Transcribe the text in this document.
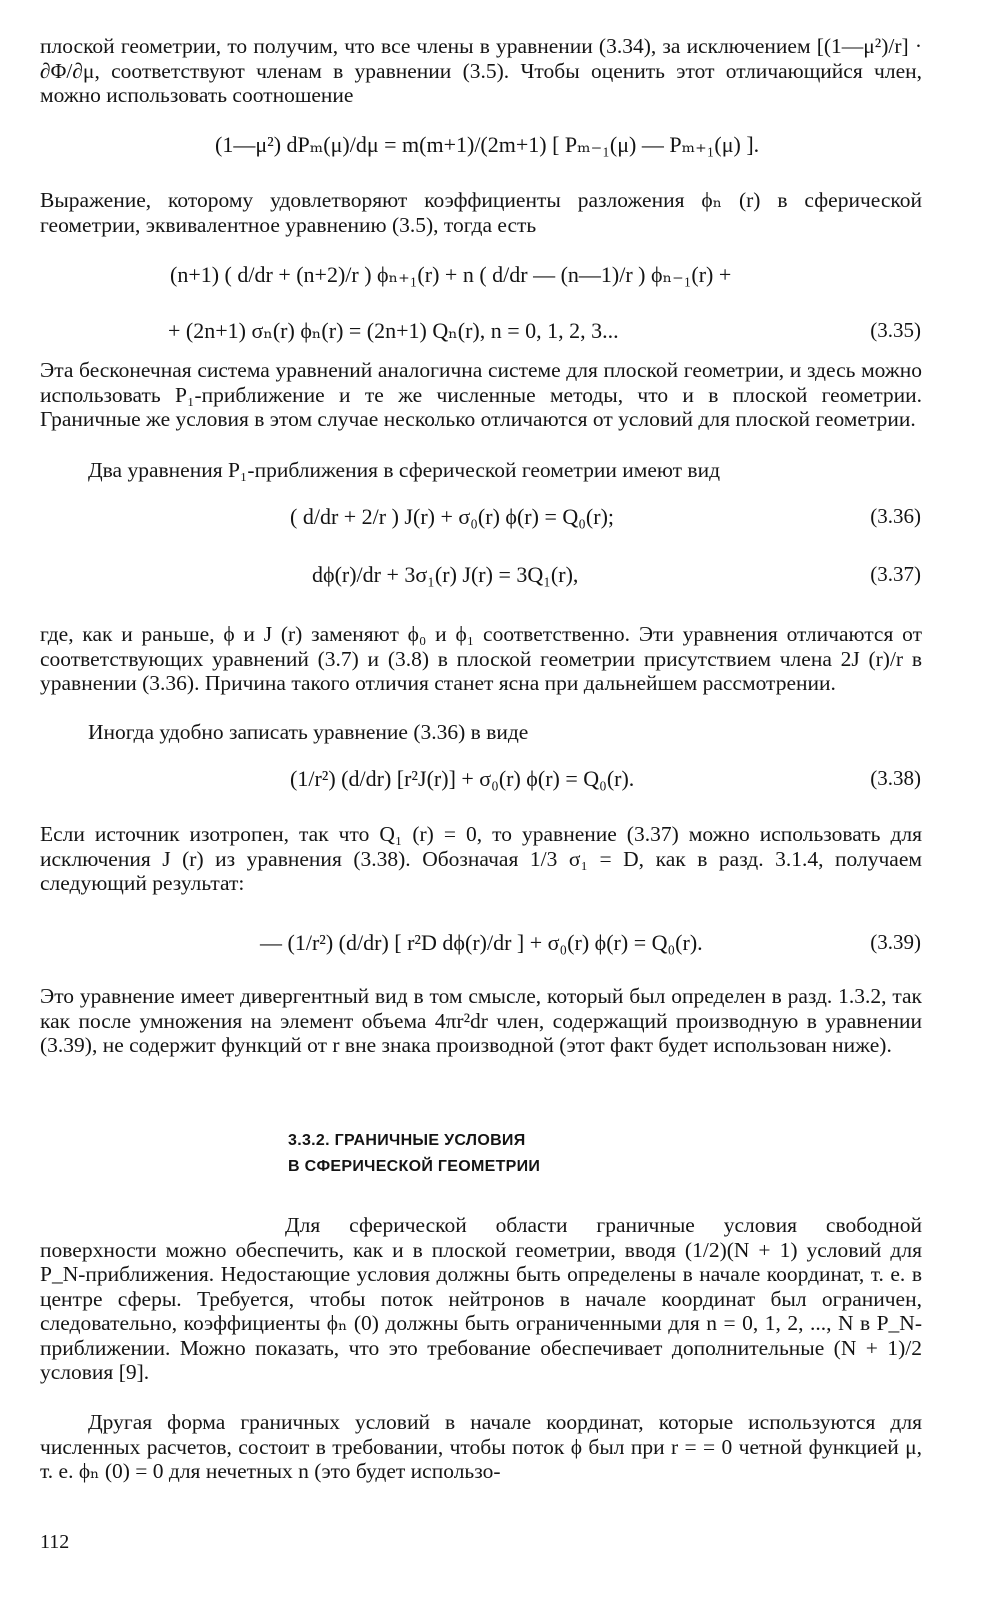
плоской геометрии, то получим, что все члены в уравнении (3.34), за исключением [(1—μ²)/r] · ∂Φ/∂μ, соответствуют членам в уравнении (3.5). Чтобы оценить этот отличающийся член, можно использовать соотношение

(1—μ²) dPₘ(μ)/dμ = m(m+1)/(2m+1) [ Pₘ₋₁(μ) — Pₘ₊₁(μ) ].

Выражение, которому удовлетворяют коэффициенты разложения ϕₙ (r) в сферической геометрии, эквивалентное уравнению (3.5), тогда есть

(n+1) ( d/dr + (n+2)/r ) ϕₙ₊₁(r) + n ( d/dr — (n—1)/r ) ϕₙ₋₁(r) +
+ (2n+1) σₙ(r) ϕₙ(r) = (2n+1) Qₙ(r), n = 0, 1, 2, 3...	(3.35)

Эта бесконечная система уравнений аналогична системе для плоской геометрии, и здесь можно использовать P₁-приближение и те же численные методы, что и в плоской геометрии. Граничные же условия в этом случае несколько отличаются от условий для плоской геометрии.

Два уравнения P₁-приближения в сферической геометрии имеют вид

( d/dr + 2/r ) J(r) + σ₀(r) ϕ(r) = Q₀(r);	(3.36)
dϕ(r)/dr + 3σ₁(r) J(r) = 3Q₁(r),	(3.37)

где, как и раньше, ϕ и J (r) заменяют ϕ₀ и ϕ₁ соответственно. Эти уравнения отличаются от соответствующих уравнений (3.7) и (3.8) в плоской геометрии присутствием члена 2J (r)/r в уравнении (3.36). Причина такого отличия станет ясна при дальнейшем рассмотрении.

Иногда удобно записать уравнение (3.36) в виде

(1/r²) (d/dr) [r²J(r)] + σ₀(r) ϕ(r) = Q₀(r).	(3.38)

Если источник изотропен, так что Q₁ (r) = 0, то уравнение (3.37) можно использовать для исключения J (r) из уравнения (3.38). Обозначая 1/3 σ₁ = D, как в разд. 3.1.4, получаем следующий результат:

— (1/r²) (d/dr) [ r²D dϕ(r)/dr ] + σ₀(r) ϕ(r) = Q₀(r).	(3.39)

Это уравнение имеет дивергентный вид в том смысле, который был определен в разд. 1.3.2, так как после умножения на элемент объема 4πr²dr член, содержащий производную в уравнении (3.39), не содержит функций от r вне знака производной (этот факт будет использован ниже).

3.3.2. ГРАНИЧНЫЕ УСЛОВИЯ
В СФЕРИЧЕСКОЙ ГЕОМЕТРИИ

Для сферической области граничные условия свободной поверхности можно обеспечить, как и в плоской геометрии, вводя (1/2)(N + 1) условий для P_N-приближения. Недостающие условия должны быть определены в начале координат, т. е. в центре сферы. Требуется, чтобы поток нейтронов в начале координат был ограничен, следовательно, коэффициенты ϕₙ (0) должны быть ограниченными для n = 0, 1, 2, ..., N в P_N-приближении. Можно показать, что это требование обеспечивает дополнительные (N + 1)/2 условия [9].

Другая форма граничных условий в начале координат, которые используются для численных расчетов, состоит в требовании, чтобы поток ϕ был при r = = 0 четной функцией μ, т. е. ϕₙ (0) = 0 для нечетных n (это будет использо-

112
